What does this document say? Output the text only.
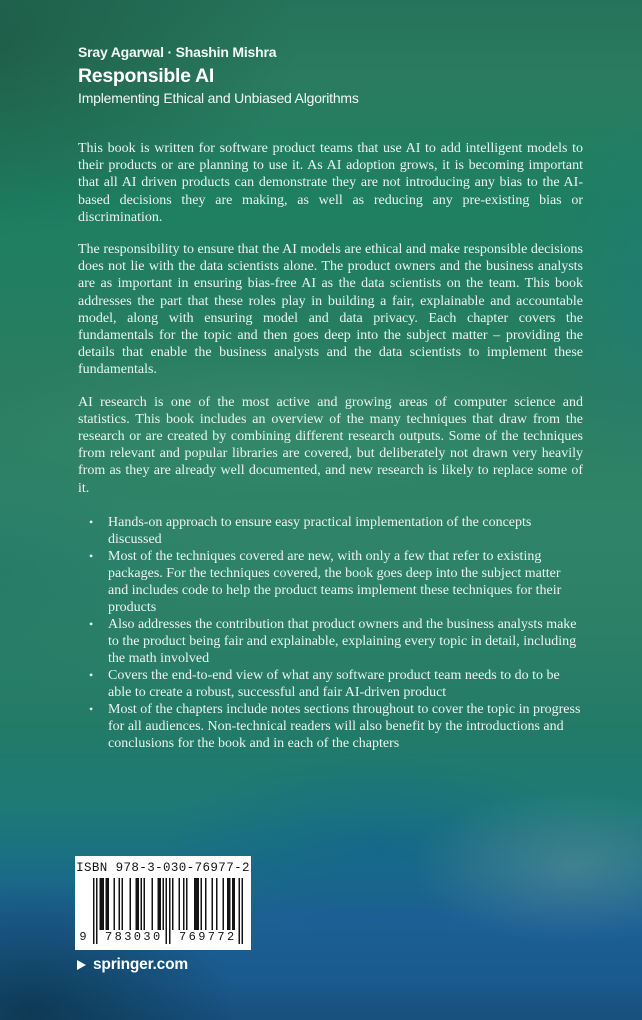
Sray Agarwal · Shashin Mishra
Responsible AI
Implementing Ethical and Unbiased Algorithms

This book is written for software product teams that use AI to add intelligent models to their products or are planning to use it. As AI adoption grows, it is becoming important that all AI driven products can demonstrate they are not introducing any bias to the AI-based decisions they are making, as well as reducing any pre-existing bias or discrimination.

The responsibility to ensure that the AI models are ethical and make responsible decisions does not lie with the data scientists alone. The product owners and the business analysts are as important in ensuring bias-free AI as the data scientists on the team. This book addresses the part that these roles play in building a fair, explainable and accountable model, along with ensuring model and data privacy. Each chapter covers the fundamentals for the topic and then goes deep into the subject matter – providing the details that enable the business analysts and the data scientists to implement these fundamentals.

AI research is one of the most active and growing areas of computer science and statistics. This book includes an overview of the many techniques that draw from the research or are created by combining different research outputs. Some of the techniques from relevant and popular libraries are covered, but deliberately not drawn very heavily from as they are already well documented, and new research is likely to replace some of it.

•	Hands-on approach to ensure easy practical implementation of the concepts discussed
•	Most of the techniques covered are new, with only a few that refer to existing packages. For the techniques covered, the book goes deep into the subject matter and includes code to help the product teams implement these techniques for their products
•	Also addresses the contribution that product owners and the business analysts make to the product being fair and explainable, explaining every topic in detail, including the math involved
•	Covers the end-to-end view of what any software product team needs to do to be able to create a robust, successful and fair AI-driven product
•	Most of the chapters include notes sections throughout to cover the topic in progress for all audiences. Non-technical readers will also benefit by the introductions and conclusions for the book and in each of the chapters
ISBN 978-3-030-76977-2
9 783030 769772
springer.com
